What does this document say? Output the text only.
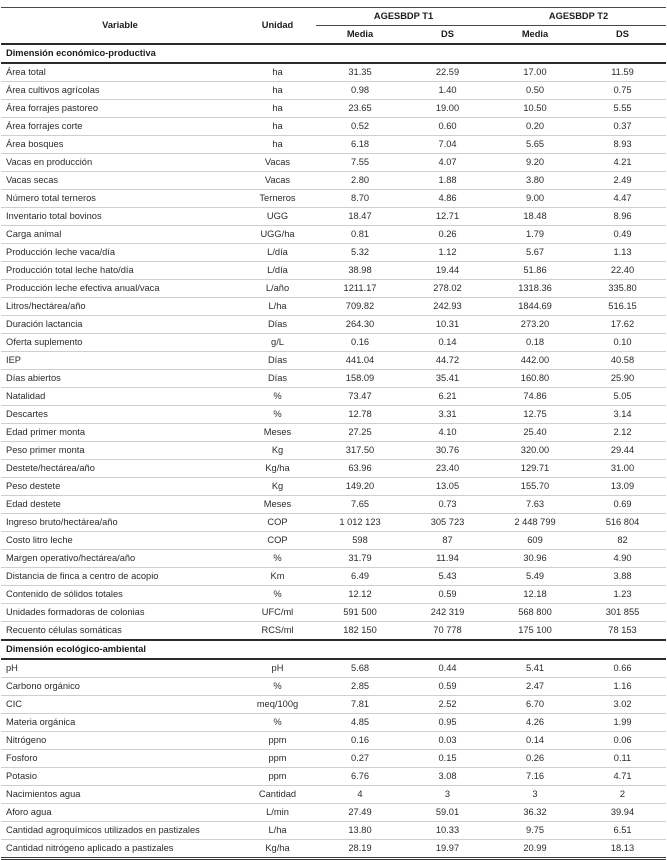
Variable	Unidad	AGESBDP T1		AGESBDP T2	
		Media	DS	Media	DS
Dimensión económico-productiva					
Área total	ha	31.35	22.59	17.00	11.59
Área cultivos agrícolas	ha	0.98	1.40	0.50	0.75
Área forrajes pastoreo	ha	23.65	19.00	10.50	5.55
Área forrajes corte	ha	0.52	0.60	0.20	0.37
Área bosques	ha	6.18	7.04	5.65	8.93
Vacas en producción	Vacas	7.55	4.07	9.20	4.21
Vacas secas	Vacas	2.80	1.88	3.80	2.49
Número total terneros	Terneros	8.70	4.86	9.00	4.47
Inventario total bovinos	UGG	18.47	12.71	18.48	8.96
Carga animal	UGG/ha	0.81	0.26	1.79	0.49
Producción leche vaca/día	L/día	5.32	1.12	5.67	1.13
Producción total leche hato/día	L/día	38.98	19.44	51.86	22.40
Producción leche efectiva anual/vaca	L/año	1211.17	278.02	1318.36	335.80
Litros/hectárea/año	L/ha	709.82	242.93	1844.69	516.15
Duración lactancia	Días	264.30	10.31	273.20	17.62
Oferta suplemento	g/L	0.16	0.14	0.18	0.10
IEP	Días	441.04	44.72	442.00	40.58
Días abiertos	Días	158.09	35.41	160.80	25.90
Natalidad	%	73.47	6.21	74.86	5.05
Descartes	%	12.78	3.31	12.75	3.14
Edad primer monta	Meses	27.25	4.10	25.40	2.12
Peso primer monta	Kg	317.50	30.76	320.00	29.44
Destete/hectárea/año	Kg/ha	63.96	23.40	129.71	31.00
Peso destete	Kg	149.20	13.05	155.70	13.09
Edad destete	Meses	7.65	0.73	7.63	0.69
Ingreso bruto/hectárea/año	COP	1 012 123	305 723	2 448 799	516 804
Costo litro leche	COP	598	87	609	82
Margen operativo/hectárea/año	%	31.79	11.94	30.96	4.90
Distancia de finca a centro de acopio	Km	6.49	5.43	5.49	3.88
Contenido de sólidos totales	%	12.12	0.59	12.18	1.23
Unidades formadoras de colonias	UFC/ml	591 500	242 319	568 800	301 855
Recuento células somáticas	RCS/ml	182 150	70 778	175 100	78 153
Dimensión ecológico-ambiental					
pH	pH	5.68	0.44	5.41	0.66
Carbono orgánico	%	2.85	0.59	2.47	1.16
CIC	meq/100g	7.81	2.52	6.70	3.02
Materia orgánica	%	4.85	0.95	4.26	1.99
Nitrógeno	ppm	0.16	0.03	0.14	0.06
Fosforo	ppm	0.27	0.15	0.26	0.11
Potasio	ppm	6.76	3.08	7.16	4.71
Nacimientos agua	Cantidad	4	3	3	2
Aforo agua	L/min	27.49	59.01	36.32	39.94
Cantidad agroquímicos utilizados en pastizales	L/ha	13.80	10.33	9.75	6.51
Cantidad nitrógeno aplicado a pastizales	Kg/ha	28.19	19.97	20.99	18.13
